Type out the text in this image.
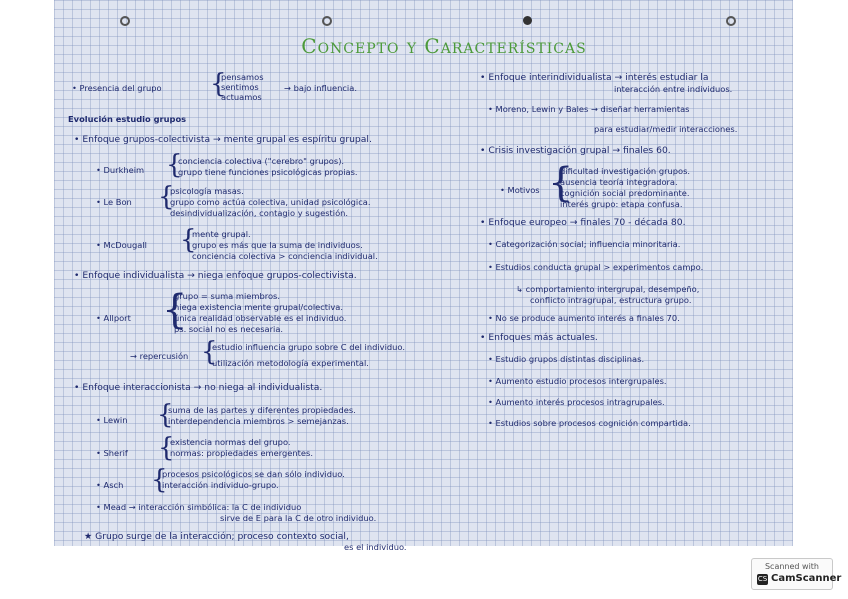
Concepto y Características
• Presencia del grupo {
pensamos
sentimos
actuamos
→ bajo influencia.
Evolución estudio grupos
• Enfoque grupos-colectivista → mente grupal es espíritu grupal.
• Durkheim {
conciencia colectiva ("cerebro" grupos).
grupo tiene funciones psicológicas propias.
• Le Bon {
psicología masas.
grupo como actúa colectiva, unidad psicológica.
desindividualización, contagio y sugestión.
• McDougall {
mente grupal.
grupo es más que la suma de individuos.
conciencia colectiva > conciencia individual.
• Enfoque individualista → niega enfoque grupos-colectivista.
• Allport {
grupo = suma miembros.
niega existencia mente grupal/colectiva.
única realidad observable es el individuo.
ps. social no es necesaria.
→ repercusión {
estudio influencia grupo sobre C del individuo.
utilización metodología experimental.
• Enfoque interaccionista → no niega al individualista.
• Lewin {
suma de las partes y diferentes propiedades.
interdependencia miembros > semejanzas.
• Sherif {
existencia normas del grupo.
normas: propiedades emergentes.
• Asch {
procesos psicológicos se dan sólo individuo.
interacción individuo-grupo.
• Mead → interacción simbólica: la C de individuo
sirve de E para la C de otro individuo.
★ Grupo surge de la interacción; proceso contexto social,
es el individuo.
• Enfoque interindividualista → interés estudiar la
interacción entre individuos.
• Moreno, Lewin y Bales → diseñar herramientas
para estudiar/medir interacciones.
• Crisis investigación grupal → finales 60.
• Motivos {
dificultad investigación grupos.
ausencia teoría integradora.
cognición social predominante.
interés grupo: etapa confusa.
• Enfoque europeo → finales 70 - década 80.
• Categorización social; influencia minoritaria.
• Estudios conducta grupal > experimentos campo.
↳ comportamiento intergrupal, desempeño,
conflicto intragrupal, estructura grupo.
• No se produce aumento interés a finales 70.
• Enfoques más actuales.
• Estudio grupos distintas disciplinas.
• Aumento estudio procesos intergrupales.
• Aumento interés procesos intragrupales.
• Estudios sobre procesos cognición compartida.
Scanned with
CS CamScanner
